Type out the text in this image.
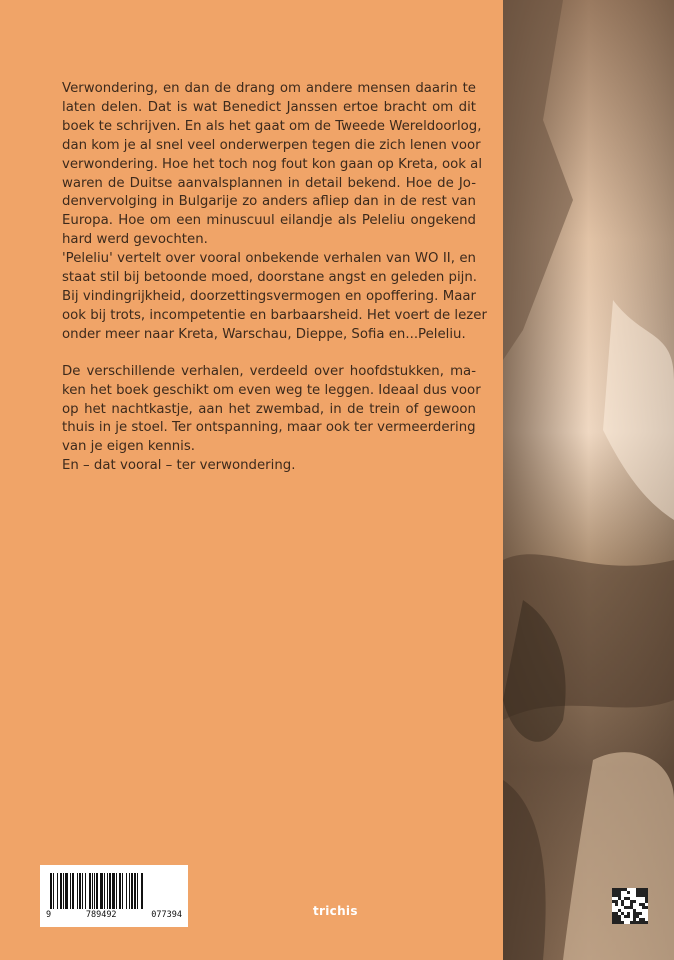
Verwondering, en dan de drang om andere mensen daarin te
laten delen. Dat is wat Benedict Janssen ertoe bracht om dit
boek te schrijven. En als het gaat om de Tweede Wereldoorlog,
dan kom je al snel veel onderwerpen tegen die zich lenen voor
verwondering. Hoe het toch nog fout kon gaan op Kreta, ook al
waren de Duitse aanvalsplannen in detail bekend. Hoe de Jo-
denvervolging in Bulgarije zo anders afliep dan in de rest van
Europa. Hoe om een minuscuul eilandje als Peleliu ongekend
hard werd gevochten.

'Peleliu' vertelt over vooral onbekende verhalen van WO II, en
staat stil bij betoonde moed, doorstane angst en geleden pijn.
Bij vindingrijkheid, doorzettingsvermogen en opoffering. Maar
ook bij trots, incompetentie en barbaarsheid. Het voert de lezer
onder meer naar Kreta, Warschau, Dieppe, Sofia en...Peleliu.

De verschillende verhalen, verdeeld over hoofdstukken, ma-
ken het boek geschikt om even weg te leggen. Ideaal dus voor
op het nachtkastje, aan het zwembad, in de trein of gewoon
thuis in je stoel. Ter ontspanning, maar ook ter vermeerdering
van je eigen kennis.
En – dat vooral – ter verwondering.

9	789492	077394	trichis
